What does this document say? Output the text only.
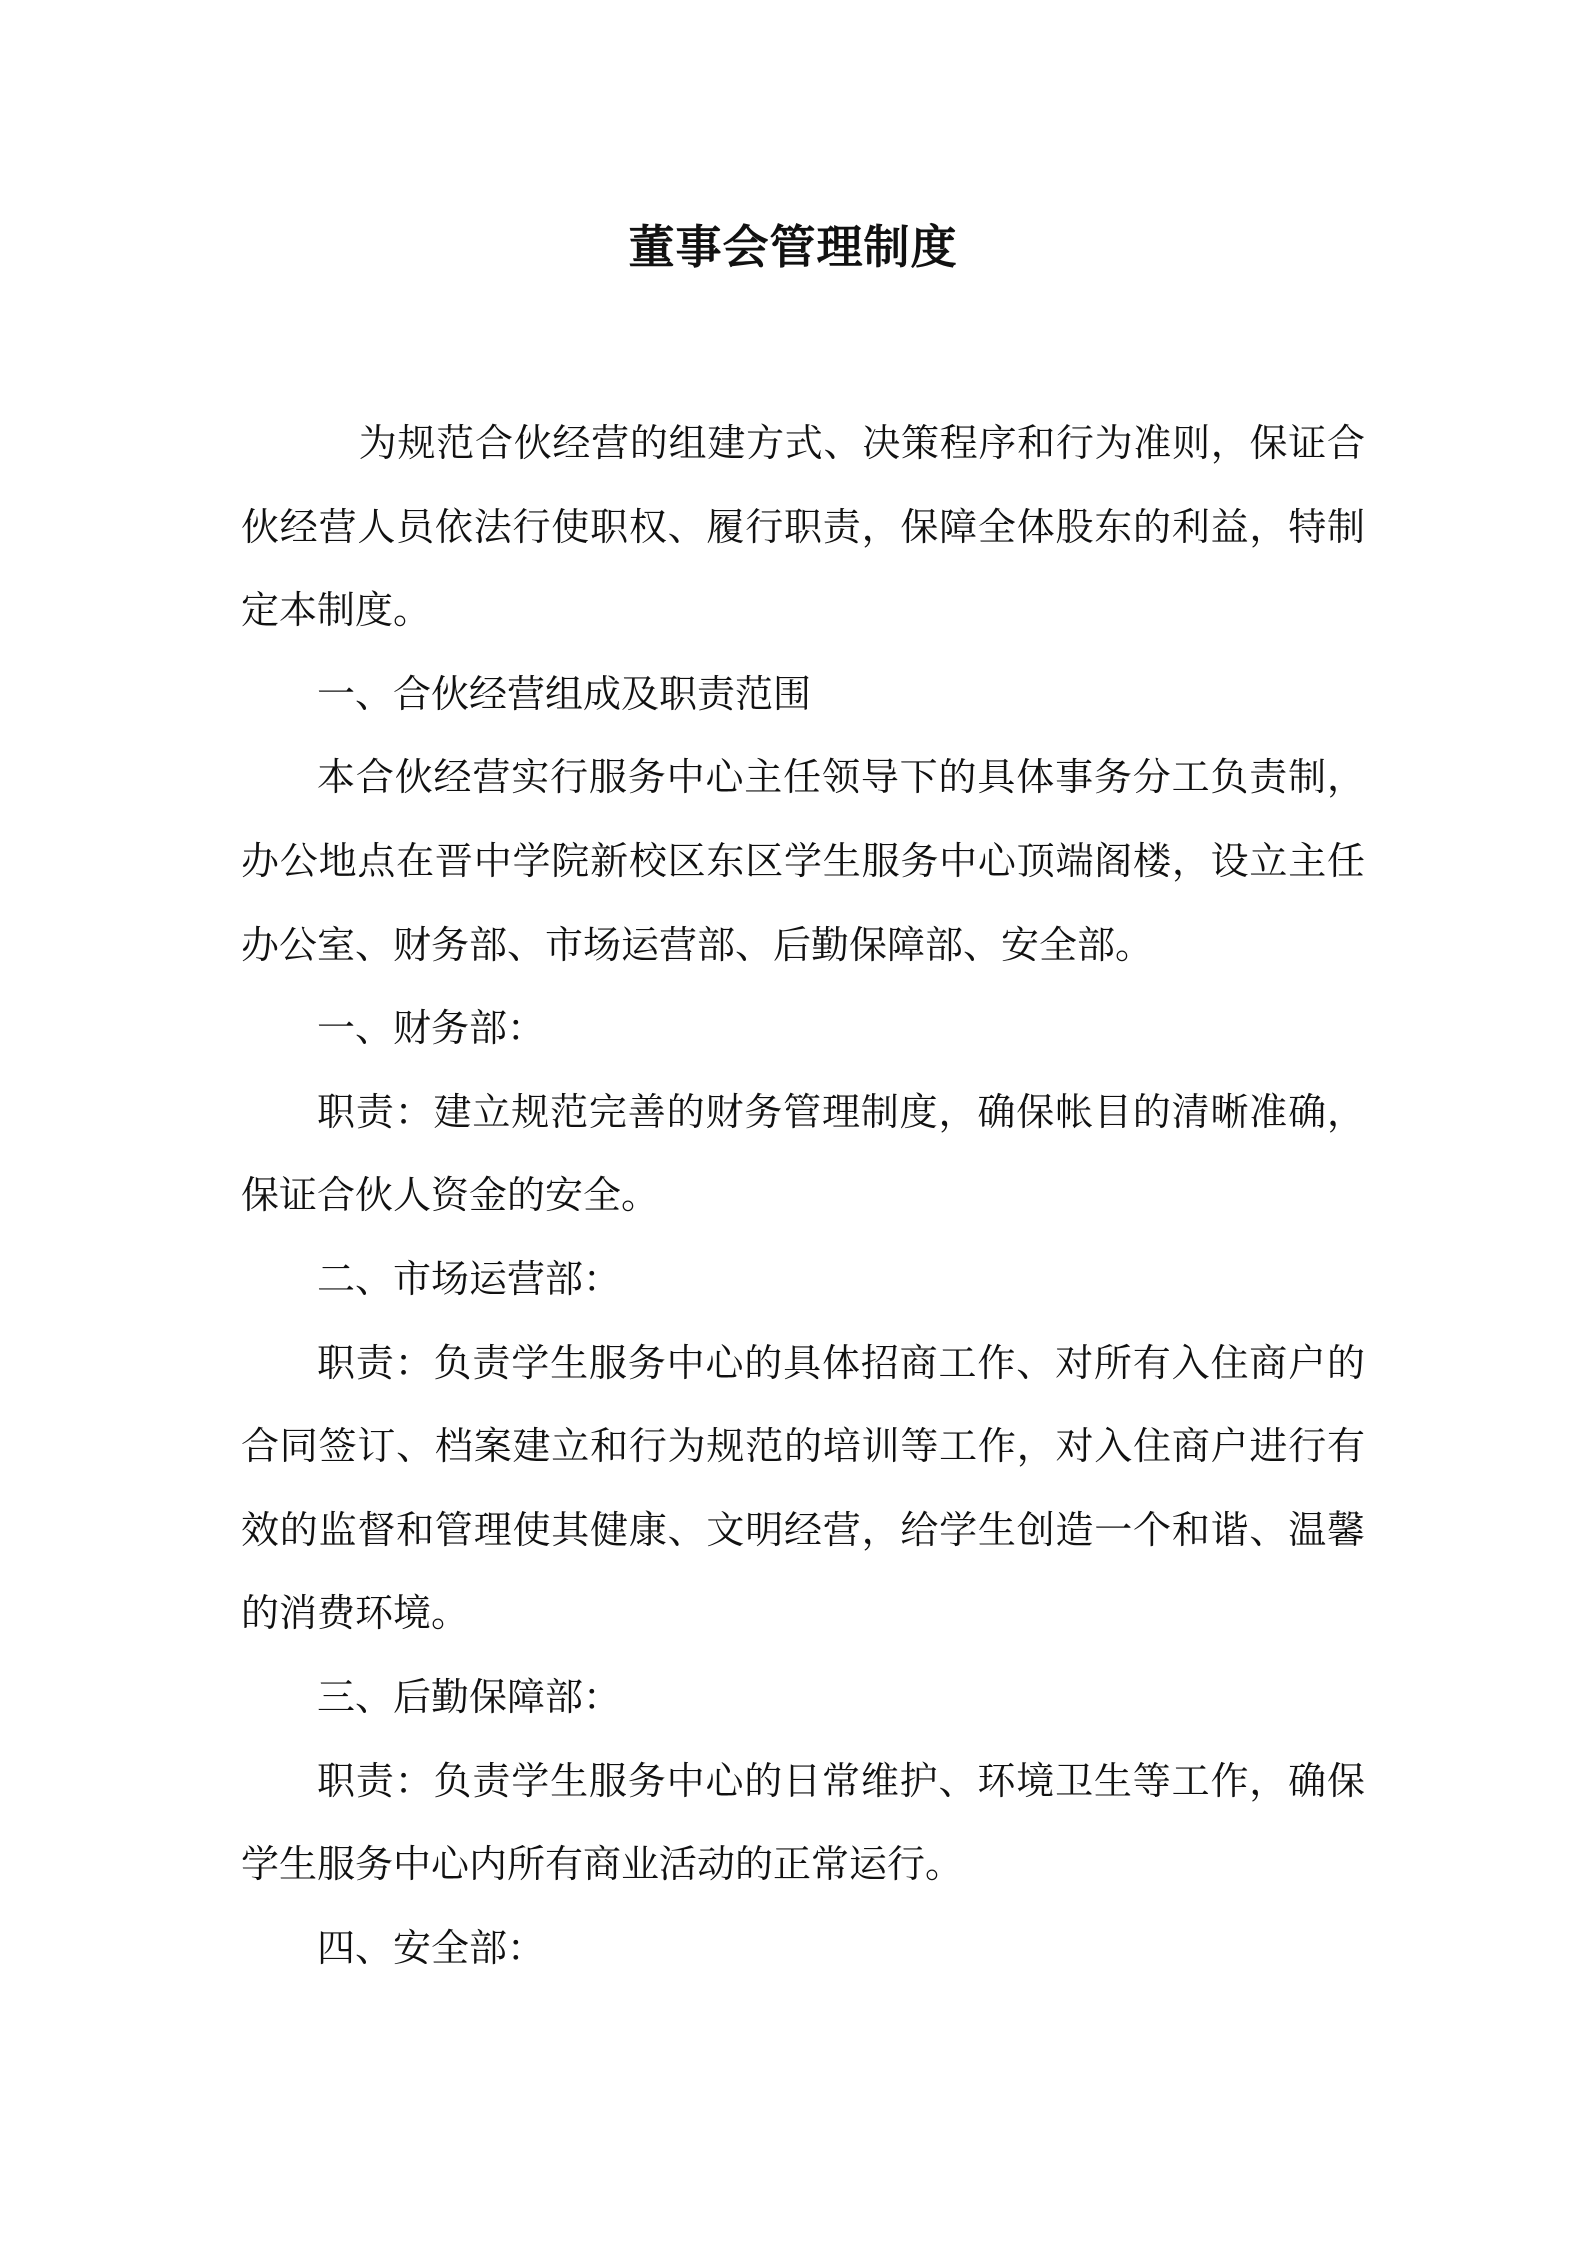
董事会管理制度

为规范合伙经营的组建方式、决策程序和行为准则，保证合伙经营人员依法行使职权、履行职责，保障全体股东的利益，特制定本制度。

一、合伙经营组成及职责范围

本合伙经营实行服务中心主任领导下的具体事务分工负责制，办公地点在晋中学院新校区东区学生服务中心顶端阁楼，设立主任办公室、财务部、市场运营部、后勤保障部、安全部。

一、财务部：

职责：建立规范完善的财务管理制度，确保帐目的清晰准确，保证合伙人资金的安全。

二、市场运营部：

职责：负责学生服务中心的具体招商工作、对所有入住商户的合同签订、档案建立和行为规范的培训等工作，对入住商户进行有效的监督和管理使其健康、文明经营，给学生创造一个和谐、温馨的消费环境。

三、后勤保障部：

职责：负责学生服务中心的日常维护、环境卫生等工作，确保学生服务中心内所有商业活动的正常运行。

四、安全部：
